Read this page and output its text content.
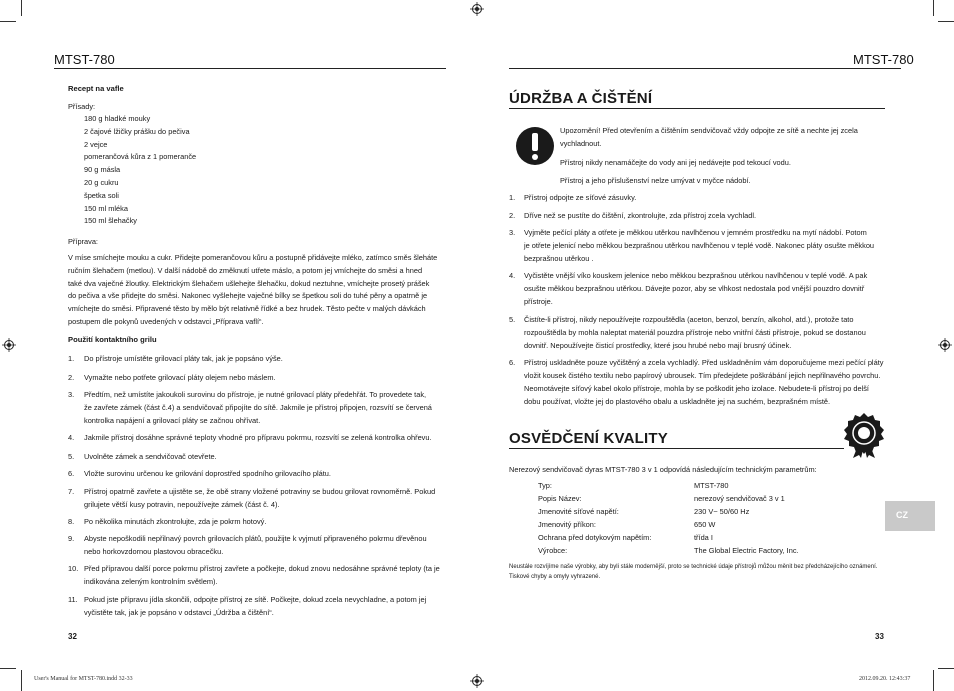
MTST-780	MTST-780
Recept na vafle
Přísady:
180 g hladké mouky
2 čajové lžičky prášku do pečiva
2 vejce
pomerančová kůra z 1 pomeranče
90 g másla
20 g cukru
špetka soli
150 ml mléka
150 ml šlehačky
Příprava:
V míse smíchejte mouku a cukr. Přidejte pomerančovou kůru a postupně přidávejte mléko, zatímco směs šleháte
ručním šlehačem (metlou). V další nádobě do změknutí utřete máslo, a potom jej vmíchejte do směsi a hned
také dva vaječné žloutky. Elektrickým šlehačem ušlehejte šlehačku, dokud neztuhne, vmíchejte prosetý prášek
do pečiva a vše přidejte do směsi. Nakonec vyšlehejte vaječné bílky se špetkou soli do tuhé pěny a opatrně je
vmíchejte do směsi. Připravené těsto by mělo být relativně řídké a bez hrudek. Těsto pečte v malých dávkách
postupem dle pokynů uvedených v odstavci „Příprava vaflí“.
Použití kontaktního grilu
1. Do přístroje umístěte grilovací pláty tak, jak je popsáno výše.
2. Vymažte nebo potřete grilovací pláty olejem nebo máslem.
3. Předtím, než umístíte jakoukoli surovinu do přístroje, je nutné grilovací pláty předehřát. To provedete tak,
že zavřete zámek (část č.4) a sendvičovač připojíte do sítě. Jakmile je přístroj připojen, rozsvítí se červená
kontrolka napájení a grilovací pláty se začnou ohřívat.
4. Jakmile přístroj dosáhne správné teploty vhodné pro přípravu pokrmu, rozsvítí se zelená kontrolka ohřevu.
5. Uvolněte zámek a sendvičovač otevřete.
6. Vložte surovinu určenou ke grilování doprostřed spodního grilovacího plátu.
7. Přístroj opatrně zavřete a ujistěte se, že obě strany vložené potraviny se budou grilovat rovnoměrně. Pokud
grilujete větší kusy potravin, nepoužívejte zámek (část č. 4).
8. Po několika minutách zkontrolujte, zda je pokrm hotový.
9. Abyste nepoškodili nepřilnavý povrch grilovacích plátů, použijte k vyjmutí připraveného pokrmu dřevěnou
nebo horkovzdornou plastovou obracečku.
10. Před přípravou další porce pokrmu přístroj zavřete a počkejte, dokud znovu nedosáhne správné teploty (ta je
indikována zeleným kontrolním světlem).
11. Pokud jste přípravu jídla skončili, odpojte přístroj ze sítě. Počkejte, dokud zcela nevychladne, a potom jej
vyčistěte tak, jak je popsáno v odstavci „Údržba a čištění“.
32
ÚDRŽBA A ČIŠTĚNÍ
Upozornění! Před otevřením a čištěním sendvičovač vždy odpojte ze sítě a nechte jej zcela
vychladnout.
Přístroj nikdy nenamáčejte do vody ani jej nedávejte pod tekoucí vodu.
Přístroj a jeho příslušenství nelze umývat v myčce nádobí.
1. Přístroj odpojte ze síťové zásuvky.
2. Dříve než se pustíte do čištění, zkontrolujte, zda přístroj zcela vychladl.
3. Vyjměte pečící pláty a otřete je měkkou utěrkou navlhčenou v jemném prostředku na mytí nádobí. Potom
je otřete jelenicí nebo měkkou bezprašnou utěrkou navlhčenou v teplé vodě. Nakonec pláty osušte měkkou
bezprašnou utěrkou .
4. Vyčistěte vnější víko kouskem jelenice nebo měkkou bezprašnou utěrkou navlhčenou v teplé vodě. A pak
osušte měkkou bezprašnou utěrkou. Dávejte pozor, aby se vlhkost nedostala pod vnější pouzdro dovnitř
přístroje.
5. Čistíte-li přístroj, nikdy nepoužívejte rozpouštědla (aceton, benzol, benzín, alkohol, atd.), protože tato
rozpouštědla by mohla naleptat materiál pouzdra přístroje nebo vnitřní části přístroje, pokud se dostanou
dovnitř. Nepoužívejte čisticí prostředky, které jsou hrubé nebo mají brusný účinek.
6. Přístroj uskladněte pouze vyčištěný a zcela vychladlý. Před uskladněním vám doporučujeme mezi pečící pláty
vložit kousek čistého textilu nebo papírový ubrousek. Tím předejdete poškrábání jejich nepřilnavého povrchu.
Neomotávejte síťový kabel okolo přístroje, mohla by se poškodit jeho izolace. Nebudete-li přístroj po delší
dobu používat, vložte jej do plastového obalu a uskladněte jej na suchém, bezprašném místě.
OSVĚDČENÍ KVALITY
Nerezový sendvičovač dyras MTST-780 3 v 1 odpovídá následujícím technickým parametrům:
Typ:	MTST-780
Popis Název:	nerezový sendvičovač 3 v 1
Jmenovité síťové napětí:	230 V~ 50/60 Hz
Jmenovitý příkon:	650 W
Ochrana před dotykovým napětím:	třída I
Výrobce:	The Global Electric Factory, Inc.
Neustále rozvíjíme naše výrobky, aby byli stále modernější, proto se technické údaje přístrojů můžou měnit bez předcházejícího oznámení.
Tiskové chyby a omyly vyhrazené.
33
CZ
User's Manual for MTST-780.indd 32-33	2012.09.20. 12:43:37
